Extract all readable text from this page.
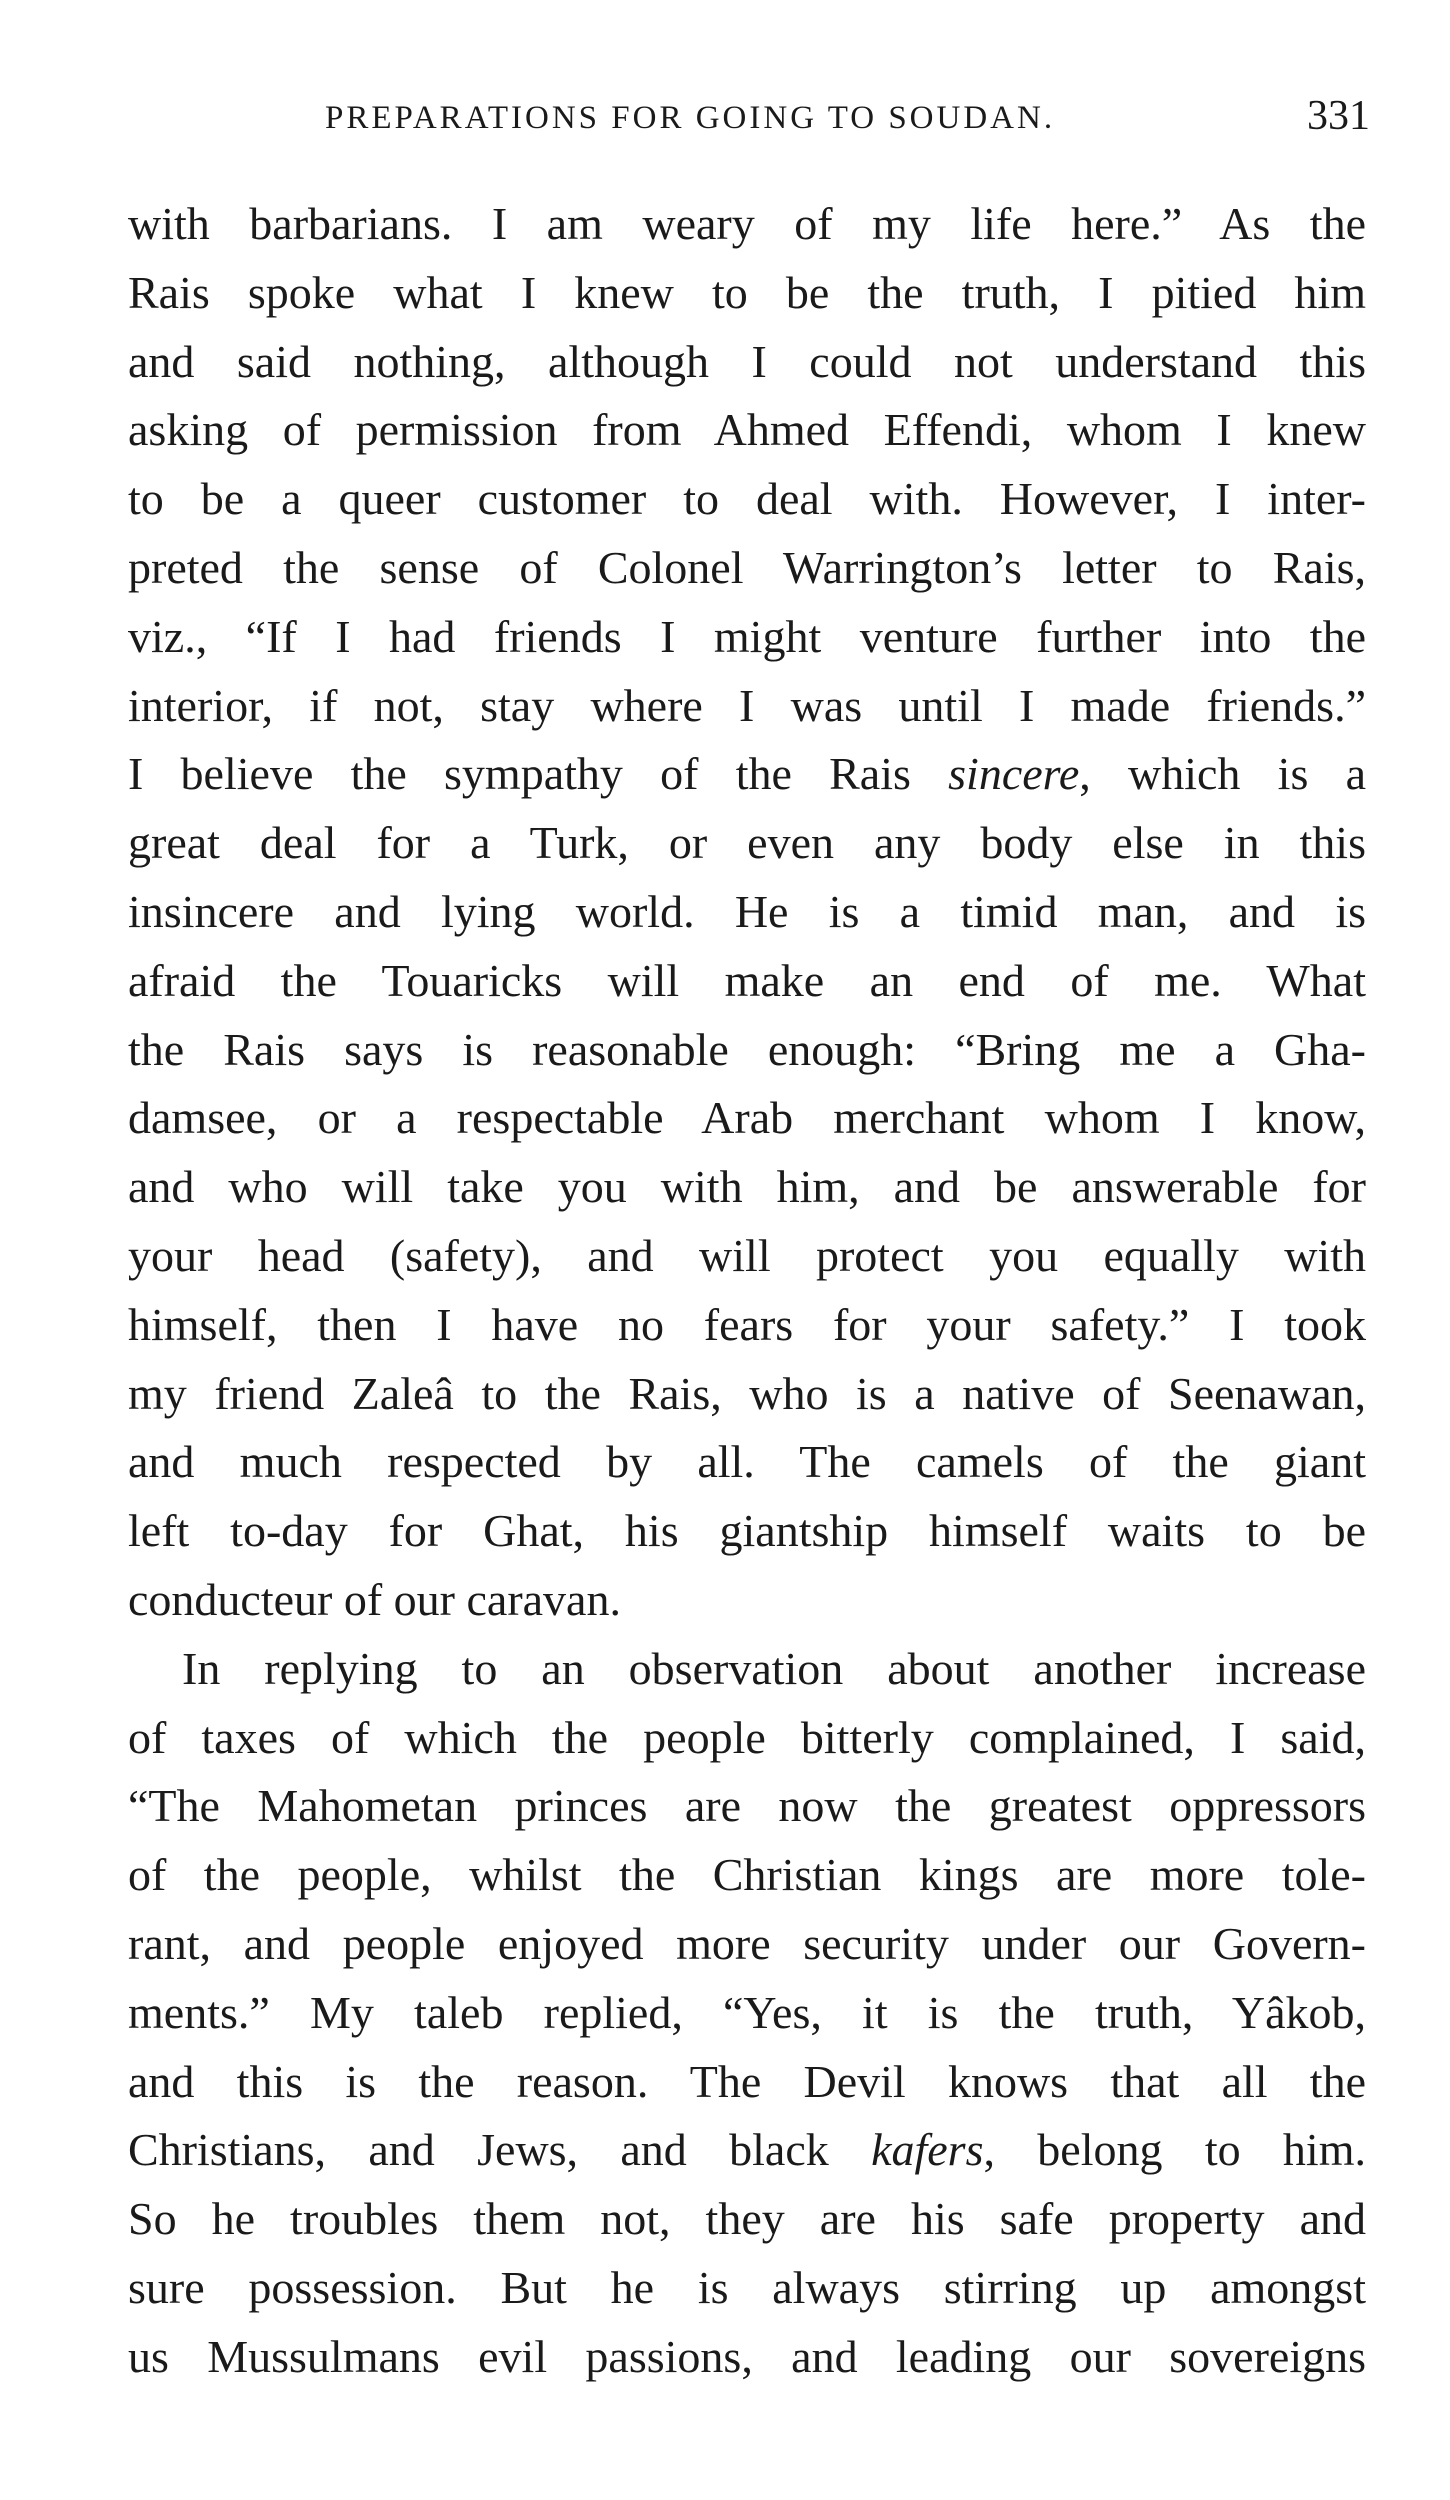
PREPARATIONS FOR GOING TO SOUDAN.	331
with barbarians. I am weary of my life here.” As the
Rais spoke what I knew to be the truth, I pitied him
and said nothing, although I could not understand this
asking of permission from Ahmed Effendi, whom I knew
to be a queer customer to deal with. However, I inter-
preted the sense of Colonel Warrington’s letter to Rais,
viz., “If I had friends I might venture further into the
interior, if not, stay where I was until I made friends.”
I believe the sympathy of the Rais sincere, which is a
great deal for a Turk, or even any body else in this
insincere and lying world. He is a timid man, and is
afraid the Touaricks will make an end of me. What
the Rais says is reasonable enough: “Bring me a Gha-
damsee, or a respectable Arab merchant whom I know,
and who will take you with him, and be answerable for
your head (safety), and will protect you equally with
himself, then I have no fears for your safety.” I took
my friend Zaleâ to the Rais, who is a native of Seenawan,
and much respected by all. The camels of the giant
left to-day for Ghat, his giantship himself waits to be
conducteur of our caravan.
In replying to an observation about another increase
of taxes of which the people bitterly complained, I said,
“The Mahometan princes are now the greatest oppressors
of the people, whilst the Christian kings are more tole-
rant, and people enjoyed more security under our Govern-
ments.” My taleb replied, “Yes, it is the truth, Yâkob,
and this is the reason. The Devil knows that all the
Christians, and Jews, and black kafers, belong to him.
So he troubles them not, they are his safe property and
sure possession. But he is always stirring up amongst
us Mussulmans evil passions, and leading our sovereigns
